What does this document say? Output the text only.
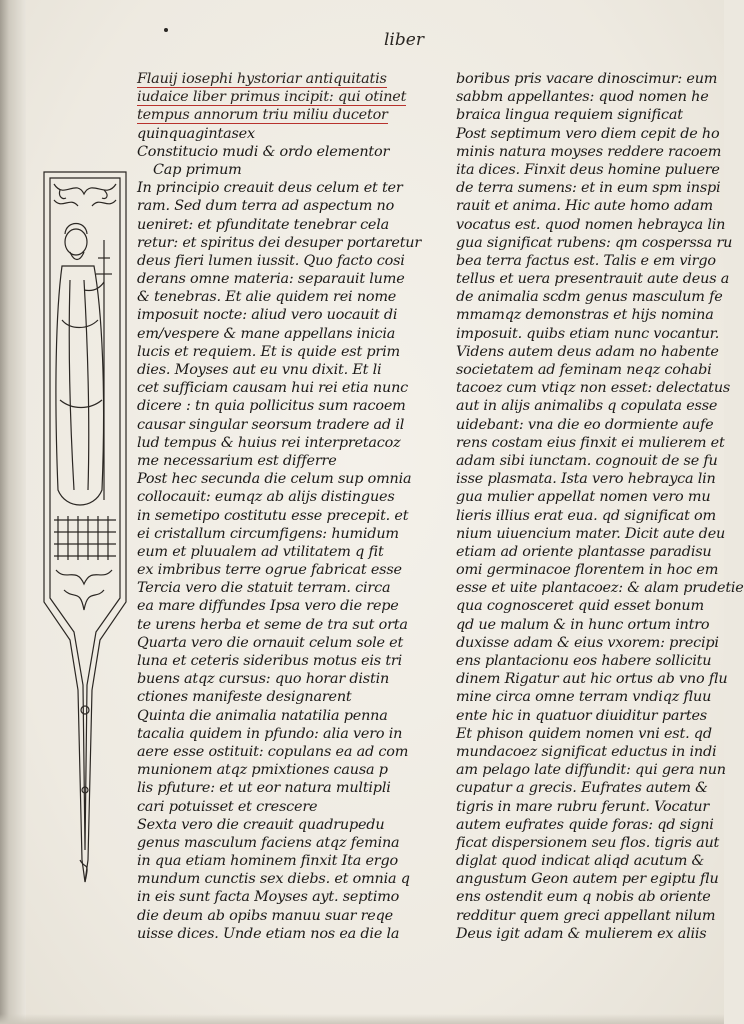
liber
Flauij iosephi hystoriar antiquitatis
iudaice liber primus incipit: qui otinet
tempus annorum triu miliu ducetor
quinquagintasex
Constitucio mudi & ordo elementor
Cap primum
In principio creauit deus celum et ter
ram. Sed dum terra ad aspectum no
ueniret: et pfunditate tenebrar cela
retur: et spiritus dei desuper portaretur
deus fieri lumen iussit. Quo facto cosi
derans omne materia: separauit lume
& tenebras. Et alie quidem rei nome
imposuit nocte: aliud vero uocauit di
em/vespere & mane appellans inicia
lucis et requiem. Et is quide est prim
dies. Moyses aut eu vnu dixit. Et li
cet sufficiam causam hui rei etia nunc
dicere : tn quia pollicitus sum racoem
causar singular seorsum tradere ad il
lud tempus & huius rei interpretacoz
me necessarium est differre
Post hec secunda die celum sup omnia
collocauit: eumqz ab alijs distingues
in semetipo costitutu esse precepit. et
ei cristallum circumfigens: humidum
eum et pluualem ad vtilitatem q fit
ex imbribus terre ogrue fabricat esse
Tercia vero die statuit terram. circa
ea mare diffundes Ipsa vero die repe
te urens herba et seme de tra sut orta
Quarta vero die ornauit celum sole et
luna et ceteris sideribus motus eis tri
buens atqz cursus: quo horar distin
ctiones manifeste designarent
Quinta die animalia natatilia penna
tacalia quidem in pfundo: alia vero in
aere esse ostituit: copulans ea ad com
munionem atqz pmixtiones causa p
lis pfuture: et ut eor natura multipli
cari potuisset et crescere
Sexta vero die creauit quadrupedu
genus masculum faciens atqz femina
in qua etiam hominem finxit Ita ergo
mundum cunctis sex diebs. et omnia q
in eis sunt facta Moyses ayt. septimo
die deum ab opibs manuu suar reqe
uisse dices. Unde etiam nos ea die la
boribus pris vacare dinoscimur: eum
sabbm appellantes: quod nomen he
braica lingua requiem significat
Post septimum vero diem cepit de ho
minis natura moyses reddere racoem
ita dices. Finxit deus homine puluere
de terra sumens: et in eum spm inspi
rauit et anima. Hic aute homo adam
vocatus est. quod nomen hebrayca lin
gua significat rubens: qm cosperssa ru
bea terra factus est. Talis e em virgo
tellus et uera presentrauit aute deus a
de animalia scdm genus masculum fe
mmamqz demonstras et hijs nomina
imposuit. quibs etiam nunc vocantur.
Videns autem deus adam no habente
societatem ad feminam neqz cohabi
tacoez cum vtiqz non esset: delectatus
aut in alijs animalibs q copulata esse
uidebant: vna die eo dormiente aufe
rens costam eius finxit ei mulierem et
adam sibi iunctam. cognouit de se fu
isse plasmata. Ista vero hebrayca lin
gua mulier appellat nomen vero mu
lieris illius erat eua. qd significat om
nium uiuencium mater. Dicit aute deu
etiam ad oriente plantasse paradisu
omi germinacoe florentem in hoc em
esse et uite plantacoez: & alam prudetie
qua cognosceret quid esset bonum
qd ue malum & in hunc ortum intro
duxisse adam & eius vxorem: precipi
ens plantacionu eos habere sollicitu
dinem Rigatur aut hic ortus ab vno flu
mine circa omne terram vndiqz fluu
ente hic in quatuor diuiditur partes
Et phison quidem nomen vni est. qd
mundacoez significat eductus in indi
am pelago late diffundit: qui gera nun
cupatur a grecis. Eufrates autem &
tigris in mare rubru ferunt. Vocatur
autem eufrates quide foras: qd signi
ficat dispersionem seu flos. tigris aut
diglat quod indicat aliqd acutum &
angustum Geon autem per egiptu flu
ens ostendit eum q nobis ab oriente
redditur quem greci appellant nilum
Deus igit adam & mulierem ex aliis
